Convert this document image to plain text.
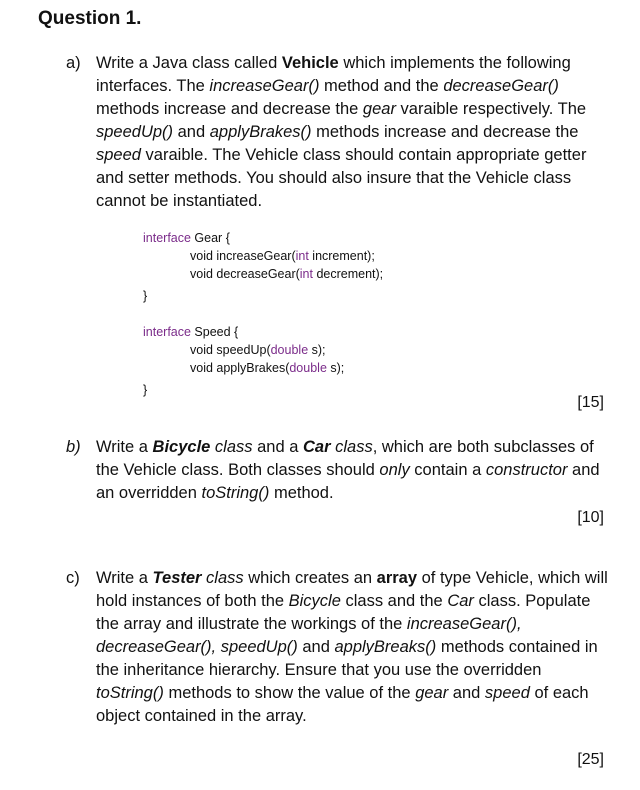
Question 1.
a) Write a Java class called Vehicle which implements the following interfaces. The increaseGear() method and the decreaseGear() methods increase and decrease the gear varaible respectively. The speedUp() and applyBrakes() methods increase and decrease the speed varaible. The Vehicle class should contain appropriate getter and setter methods. You should also insure that the Vehicle class cannot be instantiated.
interface Gear {
void increaseGear(int increment);
void decreaseGear(int decrement);
}
interface Speed {
void speedUp(double s);
void applyBrakes(double s);
}
[15]
b) Write a Bicycle class and a Car class, which are both subclasses of the Vehicle class. Both classes should only contain a constructor and an overridden toString() method.
[10]
c) Write a Tester class which creates an array of type Vehicle, which will hold instances of both the Bicycle class and the Car class. Populate the array and illustrate the workings of the increaseGear(), decreaseGear(), speedUp() and applyBreaks() methods contained in the inheritance hierarchy. Ensure that you use the overridden toString() methods to show the value of the gear and speed of each object contained in the array.
[25]
